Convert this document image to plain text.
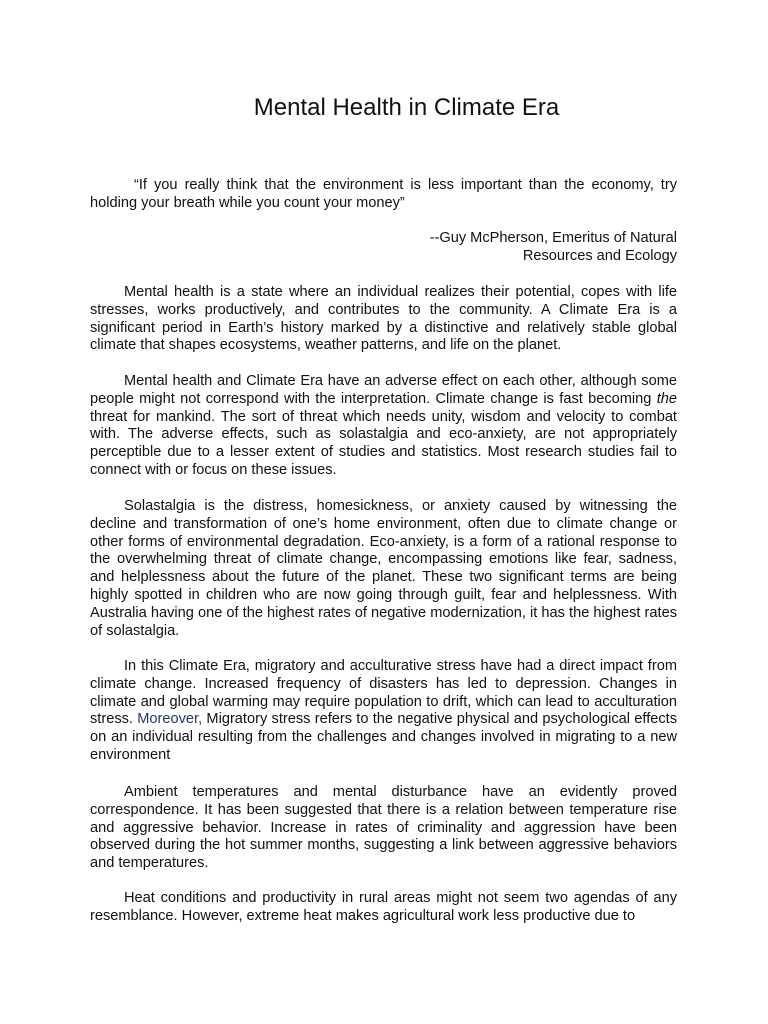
Mental Health in Climate Era

“If you really think that the environment is less important than the economy, try holding your breath while you count your money”

--Guy McPherson, Emeritus of Natural
Resources and Ecology

Mental health is a state where an individual realizes their potential, copes with life stresses, works productively, and contributes to the community. A Climate Era is a significant period in Earth’s history marked by a distinctive and relatively stable global climate that shapes ecosystems, weather patterns, and life on the planet.

Mental health and Climate Era have an adverse effect on each other, although some people might not correspond with the interpretation. Climate change is fast becoming the threat for mankind. The sort of threat which needs unity, wisdom and velocity to combat with. The adverse effects, such as solastalgia and eco-anxiety, are not appropriately perceptible due to a lesser extent of studies and statistics. Most research studies fail to connect with or focus on these issues.

Solastalgia is the distress, homesickness, or anxiety caused by witnessing the decline and transformation of one’s home environment, often due to climate change or other forms of environmental degradation. Eco-anxiety, is a form of a rational response to the overwhelming threat of climate change, encompassing emotions like fear, sadness, and helplessness about the future of the planet. These two significant terms are being highly spotted in children who are now going through guilt, fear and helplessness. With Australia having one of the highest rates of negative modernization, it has the highest rates of solastalgia.

In this Climate Era, migratory and acculturative stress have had a direct impact from climate change. Increased frequency of disasters has led to depression. Changes in climate and global warming may require population to drift, which can lead to acculturation stress. Moreover, Migratory stress refers to the negative physical and psychological effects on an individual resulting from the challenges and changes involved in migrating to a new environment

Ambient temperatures and mental disturbance have an evidently proved correspondence. It has been suggested that there is a relation between temperature rise and aggressive behavior. Increase in rates of criminality and aggression have been observed during the hot summer months, suggesting a link between aggressive behaviors and temperatures.

Heat conditions and productivity in rural areas might not seem two agendas of any resemblance. However, extreme heat makes agricultural work less productive due to
